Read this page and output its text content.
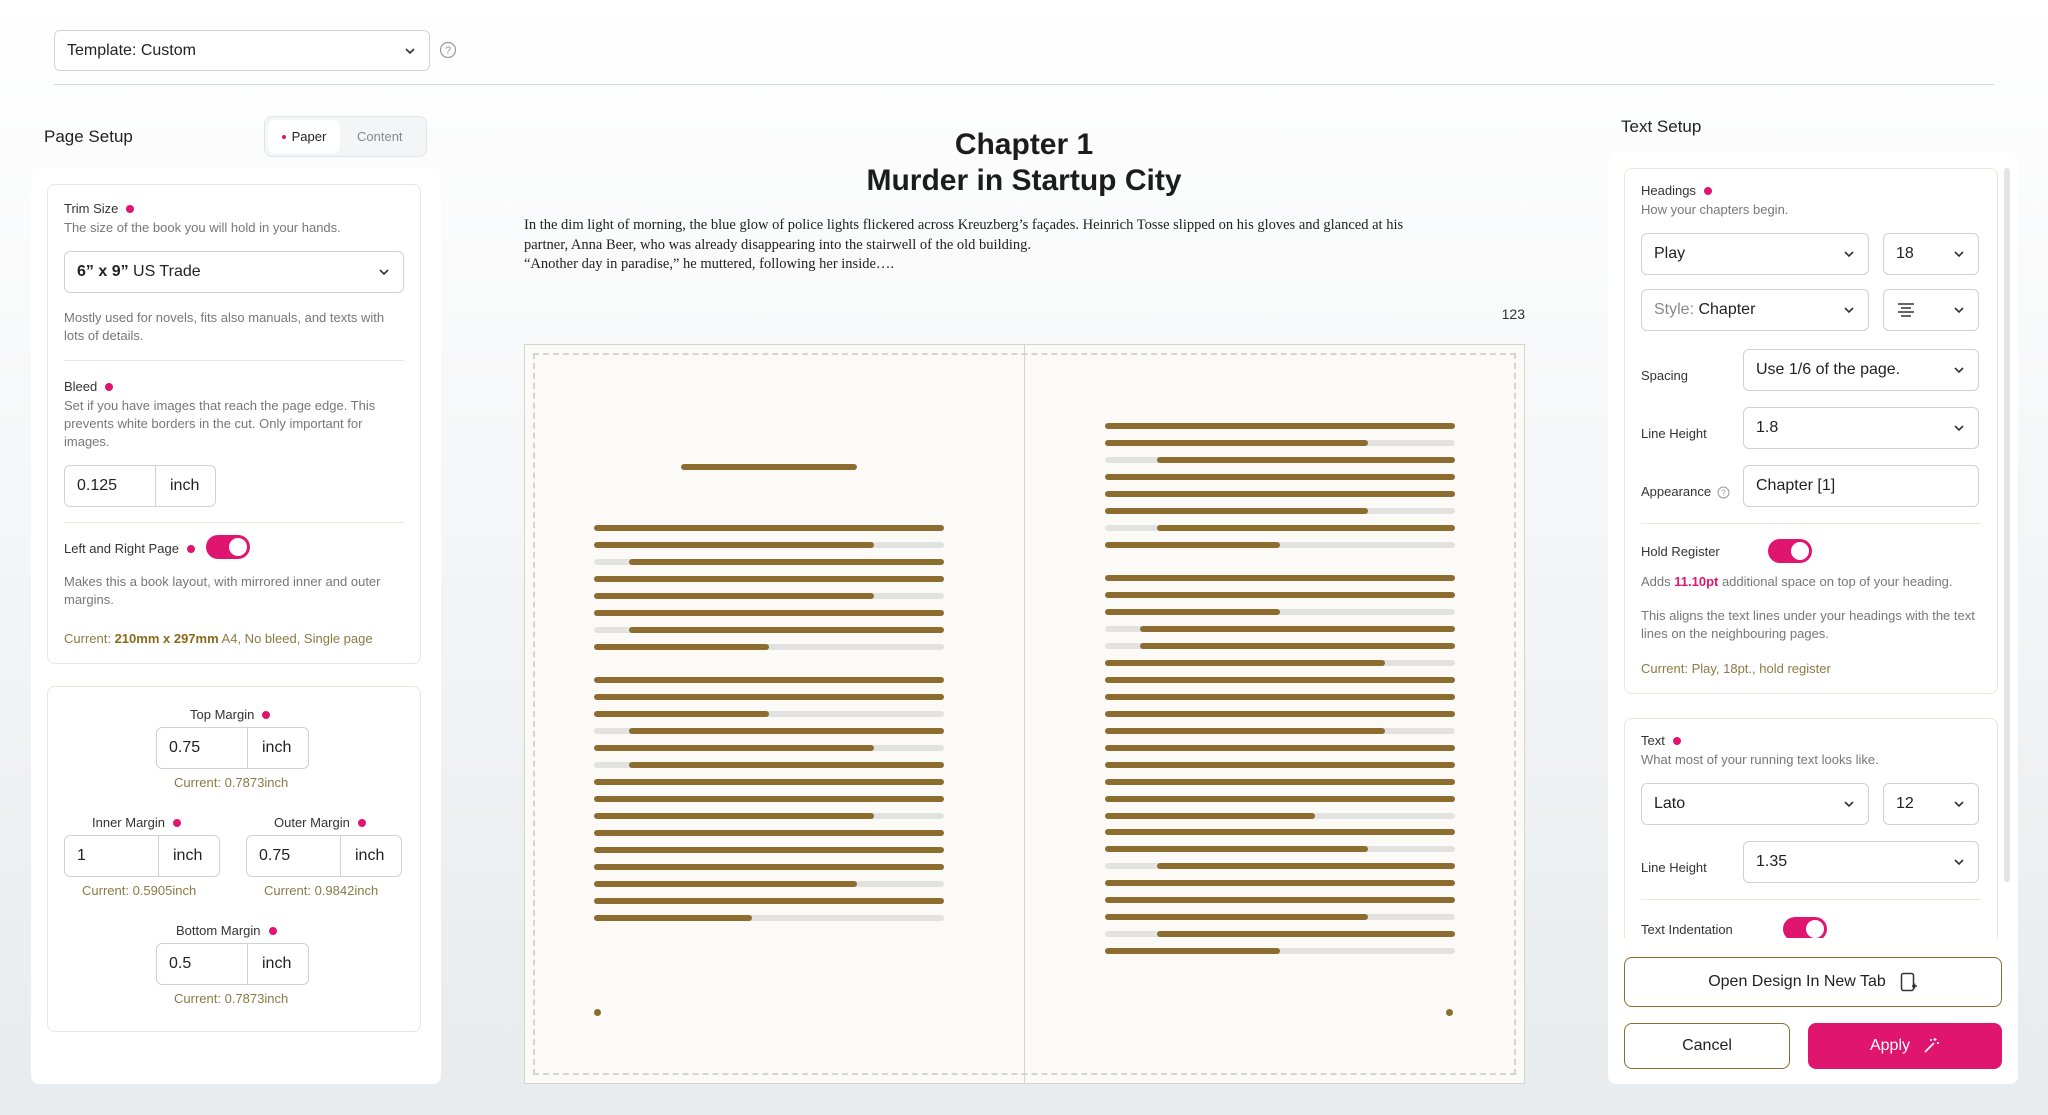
Template: Custom	?
Page Setup	Paper Content
Trim Size
The size of the book you will hold in your hands.
6” x 9” US Trade
Mostly used for novels, fits also manuals, and texts with lots of details.
Bleed
Set if you have images that reach the page edge. This prevents white borders in the cut. Only important for images.
0.125	inch
Left and Right Page
Makes this a book layout, with mirrored inner and outer margins.
Current: 210mm x 297mm A4, No bleed, Single page
Top Margin
0.75	inch
Current: 0.7873inch
Inner Margin
1	inch
Current: 0.5905inch
Outer Margin
0.75	inch
Current: 0.9842inch
Bottom Margin
0.5	inch
Current: 0.7873inch
Chapter 1
Murder in Startup City
In the dim light of morning, the blue glow of police lights flickered across Kreuzberg’s façades. Heinrich Tosse slipped on his gloves and glanced at his
partner, Anna Beer, who was already disappearing into the stairwell of the old building.
“Another day in paradise,” he muttered, following her inside….
123
Text Setup
Headings
How your chapters begin.
Play	18
Style: Chapter
Spacing	Use 1/6 of the page.
Line Height	1.8
Appearance ? Chapter [1]
Hold Register
Adds 11.10pt additional space on top of your heading.
This aligns the text lines under your headings with the text lines on the neighbouring pages.
Current: Play, 18pt., hold register
Text
What most of your running text looks like.
Lato	12
Line Height	1.35
Text Indentation
Open Design In New Tab
Cancel	Apply
